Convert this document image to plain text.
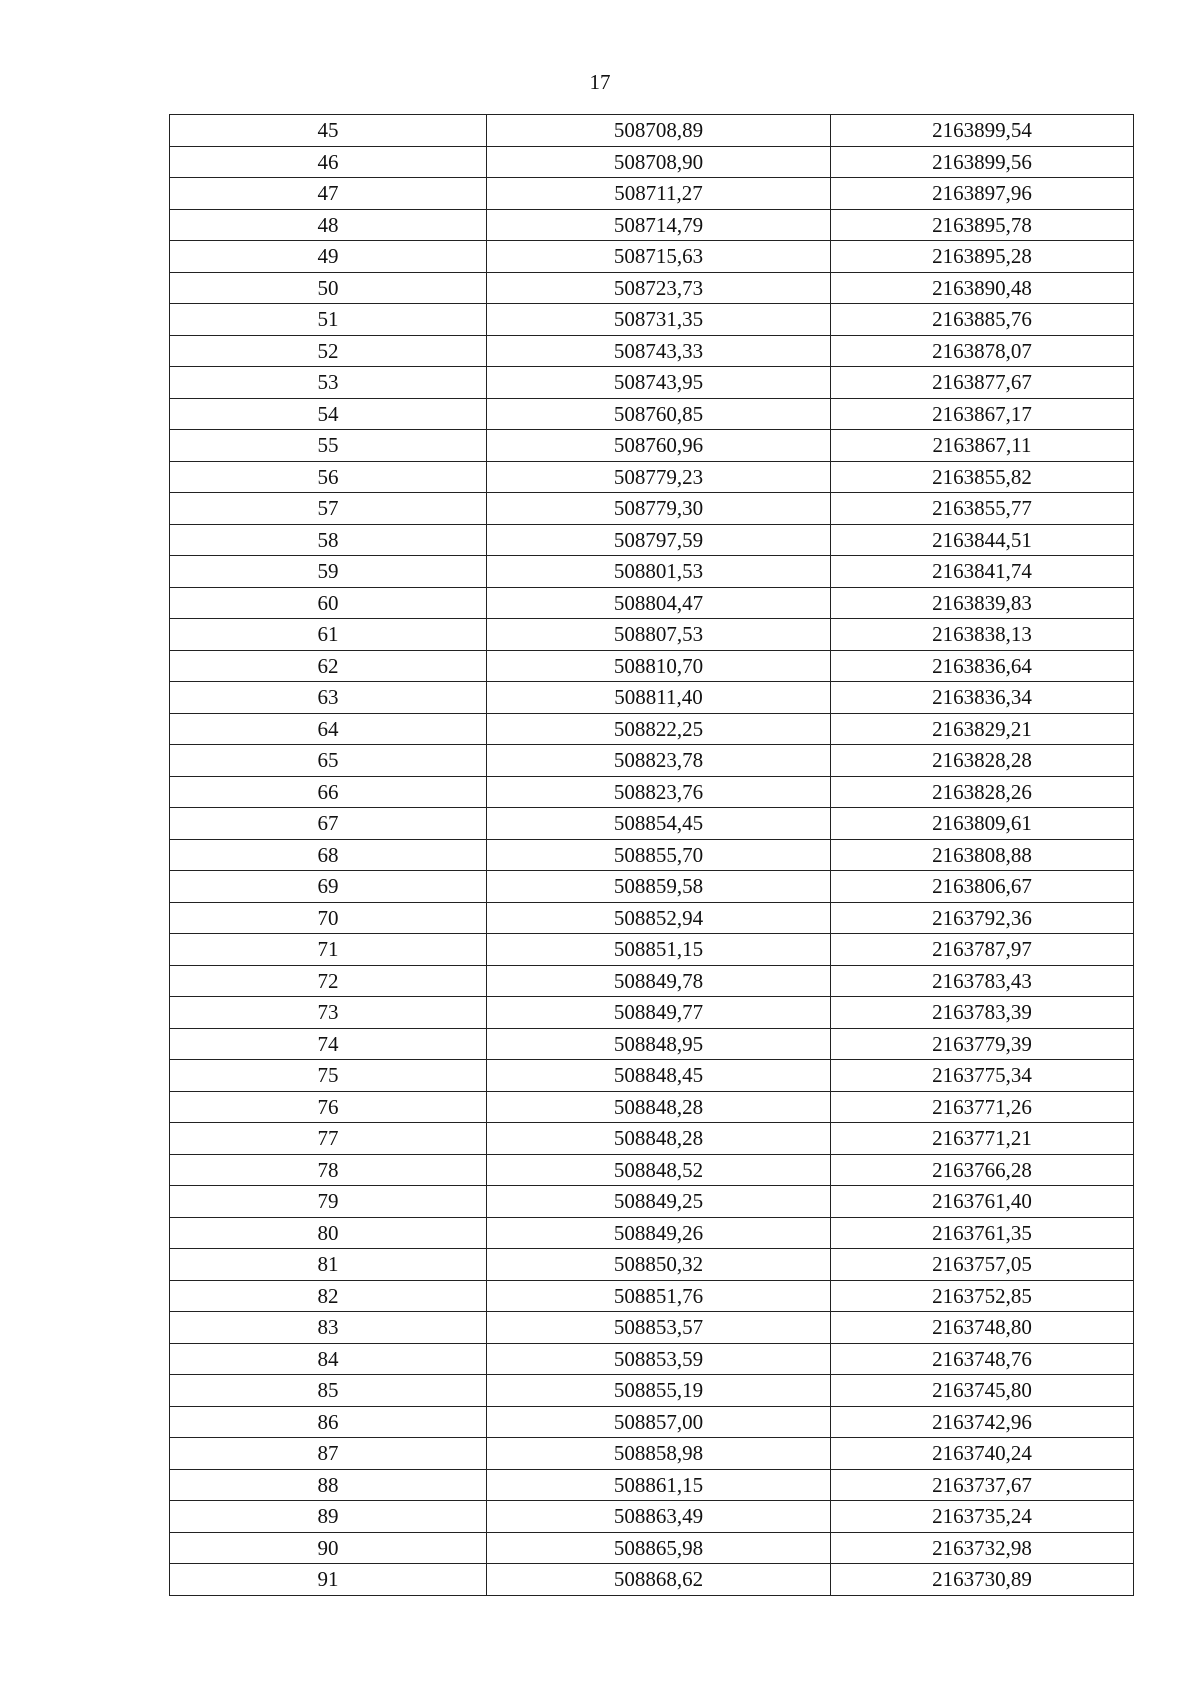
17
45	508708,89	2163899,54
46	508708,90	2163899,56
47	508711,27	2163897,96
48	508714,79	2163895,78
49	508715,63	2163895,28
50	508723,73	2163890,48
51	508731,35	2163885,76
52	508743,33	2163878,07
53	508743,95	2163877,67
54	508760,85	2163867,17
55	508760,96	2163867,11
56	508779,23	2163855,82
57	508779,30	2163855,77
58	508797,59	2163844,51
59	508801,53	2163841,74
60	508804,47	2163839,83
61	508807,53	2163838,13
62	508810,70	2163836,64
63	508811,40	2163836,34
64	508822,25	2163829,21
65	508823,78	2163828,28
66	508823,76	2163828,26
67	508854,45	2163809,61
68	508855,70	2163808,88
69	508859,58	2163806,67
70	508852,94	2163792,36
71	508851,15	2163787,97
72	508849,78	2163783,43
73	508849,77	2163783,39
74	508848,95	2163779,39
75	508848,45	2163775,34
76	508848,28	2163771,26
77	508848,28	2163771,21
78	508848,52	2163766,28
79	508849,25	2163761,40
80	508849,26	2163761,35
81	508850,32	2163757,05
82	508851,76	2163752,85
83	508853,57	2163748,80
84	508853,59	2163748,76
85	508855,19	2163745,80
86	508857,00	2163742,96
87	508858,98	2163740,24
88	508861,15	2163737,67
89	508863,49	2163735,24
90	508865,98	2163732,98
91	508868,62	2163730,89
